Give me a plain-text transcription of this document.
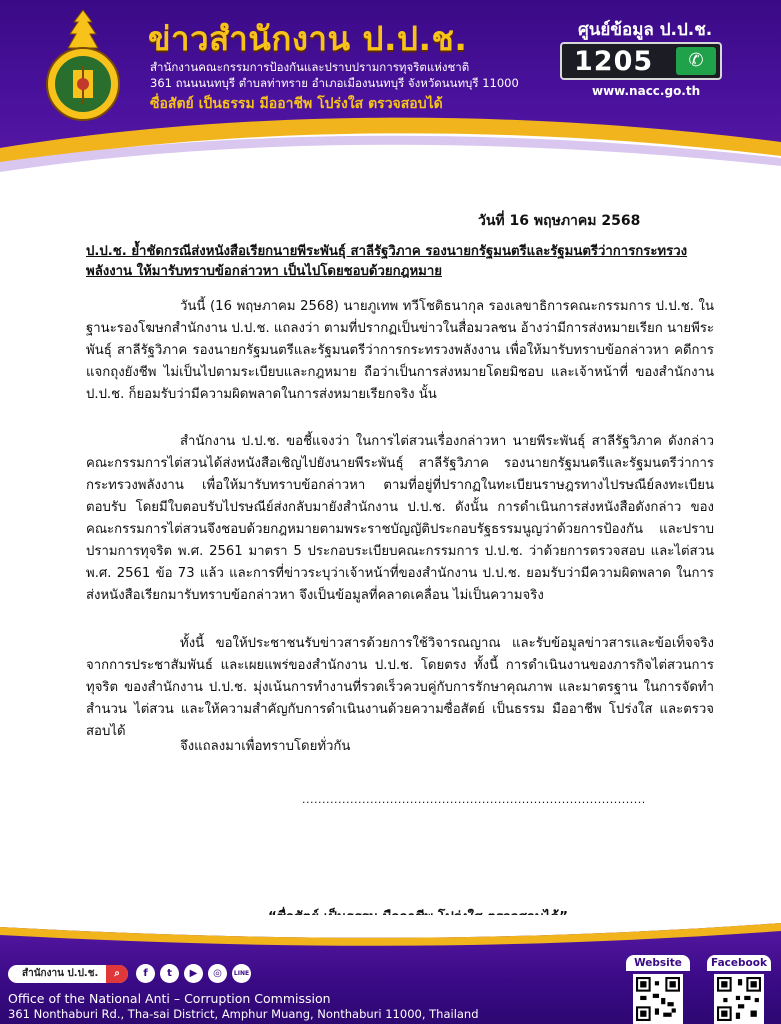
ข่าวสำนักงาน ป.ป.ช.
สำนักงานคณะกรรมการป้องกันและปราบปรามการทุจริตแห่งชาติ
361 ถนนนนทบุรี ตำบลท่าทราย อำเภอเมืองนนทบุรี จังหวัดนนทบุรี 11000
ซื่อสัตย์ เป็นธรรม มีออาชีพ โปร่งใส ตรวจสอบได้
ศูนย์ข้อมูล ป.ป.ช.
1205	✆
www.nacc.go.th
วันที่ 16 พฤษภาคม 2568
ป.ป.ช. ย้ำชัดกรณีส่งหนังสือเรียกนายพีระพันธุ์ สาลีรัฐวิภาค รองนายกรัฐมนตรีและรัฐมนตรีว่าการกระทรวงพลังงาน ให้มารับทราบข้อกล่าวหา เป็นไปโดยชอบด้วยกฎหมาย

วันนี้ (16 พฤษภาคม 2568) นายภูเทพ ทวีโชติธนากุล รองเลขาธิการคณะกรรมการ ป.ป.ช. ในฐานะรองโฆษกสำนักงาน ป.ป.ช. แถลงว่า ตามที่ปรากฏเป็นข่าวในสื่อมวลชน อ้างว่ามีการส่งหมายเรียก นายพีระพันธุ์ สาลีรัฐวิภาค รองนายกรัฐมนตรีและรัฐมนตรีว่าการกระทรวงพลังงาน เพื่อให้มารับทราบข้อกล่าวหา คดีการแจกถุงยังชีพ ไม่เป็นไปตามระเบียบและกฎหมาย ถือว่าเป็นการส่งหมายโดยมิชอบ และเจ้าหน้าที่ ของสำนักงาน ป.ป.ช. ก็ยอมรับว่ามีความผิดพลาดในการส่งหมายเรียกจริง นั้น

สำนักงาน ป.ป.ช. ขอชี้แจงว่า ในการไต่สวนเรื่องกล่าวหา นายพีระพันธุ์ สาลีรัฐวิภาค ดังกล่าว คณะกรรมการไต่สวนได้ส่งหนังสือเชิญไปยังนายพีระพันธุ์ สาลีรัฐวิภาค รองนายกรัฐมนตรีและรัฐมนตรีว่าการ กระทรวงพลังงาน เพื่อให้มารับทราบข้อกล่าวหา ตามที่อยู่ที่ปรากฏในทะเบียนราษฎรทางไปรษณีย์ลงทะเบียน ตอบรับ โดยมีใบตอบรับไปรษณีย์ส่งกลับมายังสำนักงาน ป.ป.ช. ดังนั้น การดำเนินการส่งหนังสือดังกล่าว ของคณะกรรมการไต่สวนจึงชอบด้วยกฎหมายตามพระราชบัญญัติประกอบรัฐธรรมนูญว่าด้วยการป้องกัน และปราบปรามการทุจริต พ.ศ. 2561 มาตรา 5 ประกอบระเบียบคณะกรรมการ ป.ป.ช. ว่าด้วยการตรวจสอบ และไต่สวน พ.ศ. 2561 ข้อ 73 แล้ว และการที่ข่าวระบุว่าเจ้าหน้าที่ของสำนักงาน ป.ป.ช. ยอมรับว่ามีความผิดพลาด ในการส่งหนังสือเรียกมารับทราบข้อกล่าวหา จึงเป็นข้อมูลที่คลาดเคลื่อน ไม่เป็นความจริง

ทั้งนี้ ขอให้ประชาชนรับข่าวสารด้วยการใช้วิจารณญาณ และรับข้อมูลข่าวสารและข้อเท็จจริง จากการประชาสัมพันธ์ และเผยแพร่ของสำนักงาน ป.ป.ช. โดยตรง ทั้งนี้ การดำเนินงานของภารกิจไต่สวนการทุจริต ของสำนักงาน ป.ป.ช. มุ่งเน้นการทำงานที่รวดเร็วควบคู่กับการรักษาคุณภาพ และมาตรฐาน ในการจัดทำสำนวน ไต่สวน และให้ความสำคัญกับการดำเนินงานด้วยความซื่อสัตย์ เป็นธรรม มืออาชีพ โปร่งใส และตรวจสอบได้

จึงแถลงมาเพื่อทราบโดยทั่วกัน

......................................................................................
สำนักงาน ป.ป.ช.	⌕	f	t	▶	◎	LINE
Office of the National Anti – Corruption Commission
361 Nonthaburi Rd., Tha-sai District, Amphur Muang, Nonthaburi 11000, Thailand
Website	Facebook
